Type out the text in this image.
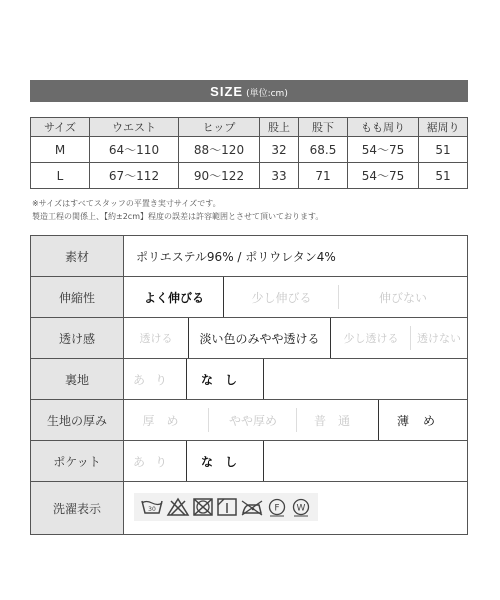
SIZE (単位:cm)
サイズ	ウエスト	ヒップ	股上	股下	もも周り	裾周り
M	64〜110	88〜120	32	68.5	54〜75	51
L	67〜112	90〜122	33	71	54〜75	51
※サイズはすべてスタッフの平置き実寸サイズです。
製造工程の関係上、【約±2cm】程度の誤差は許容範囲とさせて頂いております。
素材	ポリエステル96% / ポリウレタン4%
伸縮性	よく伸びる	少し伸びる	伸びない
透け感	透ける	淡い色のみやや透ける	少し透ける	透けない
裏地	あり	なし
生地の厚み	厚め	やや厚め	普通	薄め
ポケット	あり	なし
洗濯表示	30	F W
